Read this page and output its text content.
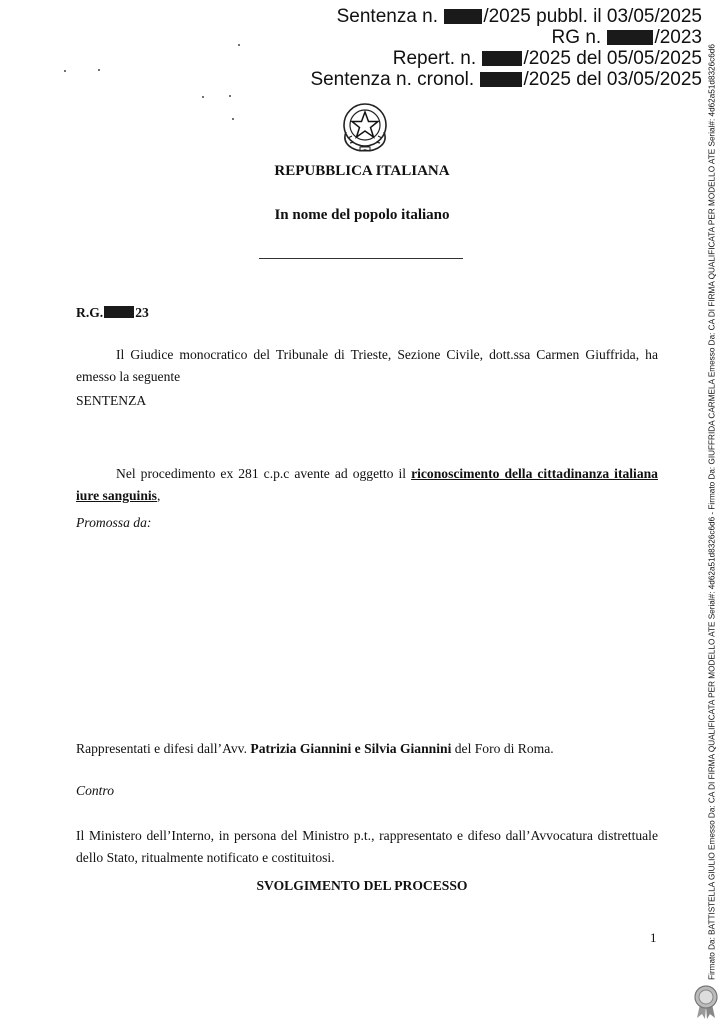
Sentenza n. /2025 pubbl. il 03/05/2025
RG n.	/2023
Repert. n. /2025 del 05/05/2025
Sentenza n. cronol.	/2025 del 03/05/2025
REPUBBLICA ITALIANA
In nome del popolo italiano
R.G. 23
Il Giudice monocratico del Tribunale di Trieste, Sezione Civile, dott.ssa Carmen Giuffrida, ha emesso la seguente
SENTENZA
Nel procedimento ex 281 c.p.c avente ad oggetto il riconoscimento della cittadinanza italiana iure sanguinis,
Promossa da:
Rappresentati e difesi dall’Avv. Patrizia Giannini e Silvia Giannini del Foro di Roma.
Contro
Il Ministero dell’Interno, in persona del Ministro p.t., rappresentato e difeso dall’Avvocatura distrettuale dello Stato, ritualmente notificato e costituitosi.
SVOLGIMENTO DEL PROCESSO
1	Firmato Da: BATTISTELLA GIULIO Emesso Da: CA DI FIRMA QUALIFICATA PER MODELLO ATE Serial#: 4d62a51d8326c6d6 - Firmato Da: GIUFFRIDA CARMELA Emesso Da: CA DI FIRMA QUALIFICATA PER MODELLO ATE Serial#: 4d62a51d8326c6d6
